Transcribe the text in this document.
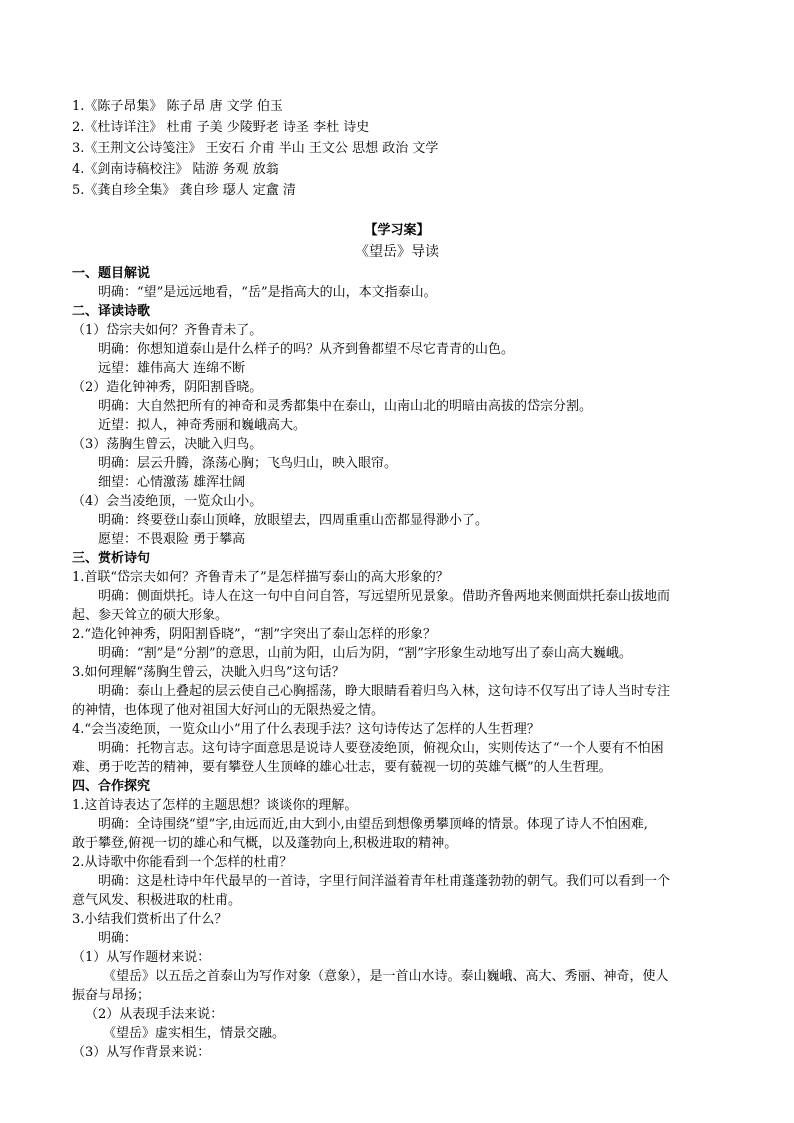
1.《陈子昂集》 陈子昂 唐 文学 伯玉
2.《杜诗详注》 杜甫 子美 少陵野老 诗圣 李杜 诗史
3.《王荆文公诗笺注》 王安石 介甫 半山 王文公 思想 政治 文学
4.《剑南诗稿校注》 陆游 务观 放翁
5.《龚自珍全集》 龚自珍 璱人 定盦 清
【学习案】
《望岳》导读
一、题目解说
明确：“望”是远远地看，“岳”是指高大的山，本文指泰山。
二、译读诗歌
（1）岱宗夫如何？齐鲁青未了。
明确：你想知道泰山是什么样子的吗？从齐到鲁都望不尽它青青的山色。
远望：雄伟高大 连绵不断
（2）造化钟神秀，阴阳割昏晓。
明确：大自然把所有的神奇和灵秀都集中在泰山，山南山北的明暗由高拔的岱宗分割。
近望：拟人，神奇秀丽和巍峨高大。
（3）荡胸生曾云，决眦入归鸟。
明确：层云升腾，涤荡心胸；飞鸟归山，映入眼帘。
细望：心情激荡 雄浑壮阔
（4）会当凌绝顶，一览众山小。
明确：终要登山泰山顶峰，放眼望去，四周重重山峦都显得渺小了。
愿望：不畏艰险 勇于攀高
三、赏析诗句
1.首联“岱宗夫如何？齐鲁青未了”是怎样描写泰山的高大形象的？
明确：侧面烘托。诗人在这一句中自问自答，写远望所见景象。借助齐鲁两地来侧面烘托泰山拔地而
起、参天耸立的硕大形象。
2.“造化钟神秀，阴阳割昏晓”，“割”字突出了泰山怎样的形象？
明确：“割”是“分割”的意思，山前为阳，山后为阴，“割”字形象生动地写出了泰山高大巍峨。
3.如何理解“荡胸生曾云，决眦入归鸟”这句话？
明确：泰山上叠起的层云使自己心胸摇荡，睁大眼睛看着归鸟入林，这句诗不仅写出了诗人当时专注
的神情，也体现了他对祖国大好河山的无限热爱之情。
4.“会当凌绝顶，一览众山小”用了什么表现手法？这句诗传达了怎样的人生哲理？
明确：托物言志。这句诗字面意思是说诗人要登凌绝顶，俯视众山，实则传达了“一个人要有不怕困
难、勇于吃苦的精神，要有攀登人生顶峰的雄心壮志，要有藐视一切的英雄气概”的人生哲理。
四、合作探究
1.这首诗表达了怎样的主题思想？谈谈你的理解。
明确：全诗围绕“望”字,由远而近,由大到小,由望岳到想像勇攀顶峰的情景。体现了诗人不怕困难,
敢于攀登,俯视一切的雄心和气概，以及蓬勃向上,积极进取的精神。
2.从诗歌中你能看到一个怎样的杜甫？
明确：这是杜诗中年代最早的一首诗，字里行间洋溢着青年杜甫蓬蓬勃勃的朝气。我们可以看到一个
意气风发、积极进取的杜甫。
3.小结我们赏析出了什么？
明确：
（1）从写作题材来说：
《望岳》以五岳之首泰山为写作对象（意象），是一首山水诗。泰山巍峨、高大、秀丽、神奇，使人
振奋与昂扬；
（2）从表现手法来说：
《望岳》虚实相生，情景交融。
（3）从写作背景来说：
